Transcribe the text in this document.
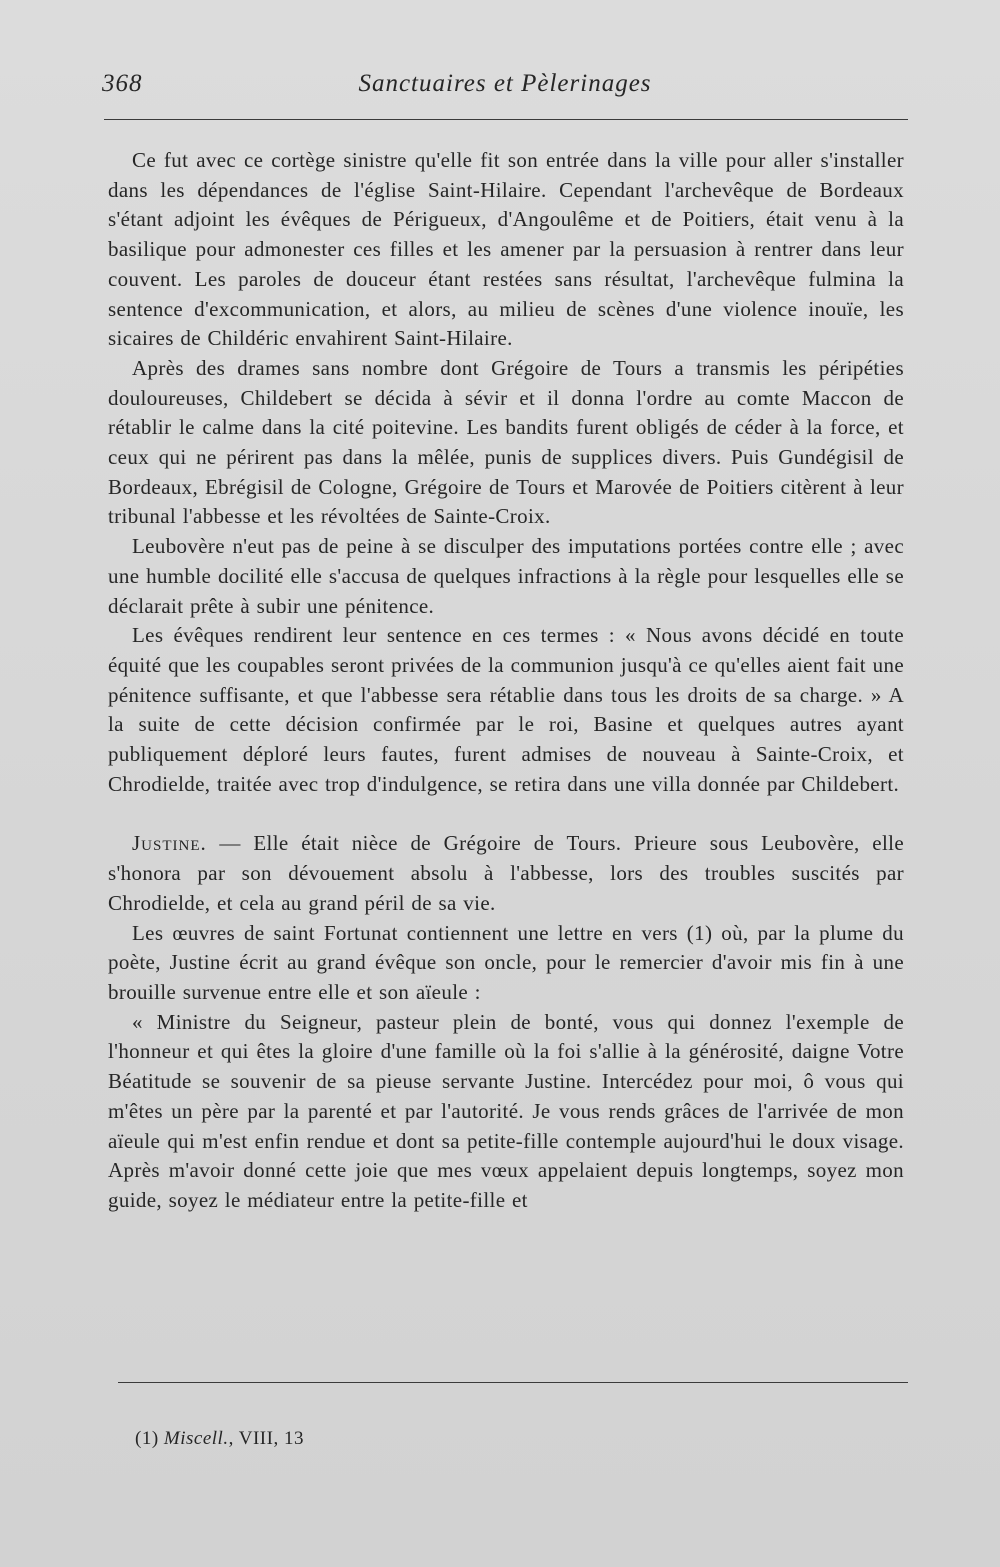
368	Sanctuaires et Pèlerinages

Ce fut avec ce cortège sinistre qu'elle fit son entrée dans la ville pour aller s'installer dans les dépendances de l'église Saint-Hilaire. Cependant l'archevêque de Bordeaux s'étant adjoint les évêques de Périgueux, d'Angoulême et de Poitiers, était venu à la basilique pour admonester ces filles et les amener par la persuasion à rentrer dans leur couvent. Les paroles de douceur étant restées sans résultat, l'archevêque fulmina la sentence d'excommunication, et alors, au milieu de scènes d'une violence inouïe, les sicaires de Childéric envahirent Saint-Hilaire.

Après des drames sans nombre dont Grégoire de Tours a transmis les péripéties douloureuses, Childebert se décida à sévir et il donna l'ordre au comte Maccon de rétablir le calme dans la cité poitevine. Les bandits furent obligés de céder à la force, et ceux qui ne périrent pas dans la mêlée, punis de supplices divers. Puis Gundégisil de Bordeaux, Ebrégisil de Cologne, Grégoire de Tours et Marovée de Poitiers citèrent à leur tribunal l'abbesse et les révoltées de Sainte-Croix.

Leubovère n'eut pas de peine à se disculper des imputations portées contre elle ; avec une humble docilité elle s'accusa de quelques infractions à la règle pour lesquelles elle se déclarait prête à subir une pénitence.

Les évêques rendirent leur sentence en ces termes : « Nous avons décidé en toute équité que les coupables seront privées de la communion jusqu'à ce qu'elles aient fait une pénitence suffisante, et que l'abbesse sera rétablie dans tous les droits de sa charge. » A la suite de cette décision confirmée par le roi, Basine et quelques autres ayant publiquement déploré leurs fautes, furent admises de nouveau à Sainte-Croix, et Chrodielde, traitée avec trop d'indulgence, se retira dans une villa donnée par Childebert.

Justine. — Elle était nièce de Grégoire de Tours. Prieure sous Leubovère, elle s'honora par son dévouement absolu à l'abbesse, lors des troubles suscités par Chrodielde, et cela au grand péril de sa vie.

Les œuvres de saint Fortunat contiennent une lettre en vers (1) où, par la plume du poète, Justine écrit au grand évêque son oncle, pour le remercier d'avoir mis fin à une brouille survenue entre elle et son aïeule :

« Ministre du Seigneur, pasteur plein de bonté, vous qui donnez l'exemple de l'honneur et qui êtes la gloire d'une famille où la foi s'allie à la générosité, daigne Votre Béatitude se souvenir de sa pieuse servante Justine. Intercédez pour moi, ô vous qui m'êtes un père par la parenté et par l'autorité. Je vous rends grâces de l'arrivée de mon aïeule qui m'est enfin rendue et dont sa petite-fille contemple aujourd'hui le doux visage. Après m'avoir donné cette joie que mes vœux appelaient depuis longtemps, soyez mon guide, soyez le médiateur entre la petite-fille et

(1) Miscell., VIII, 13
